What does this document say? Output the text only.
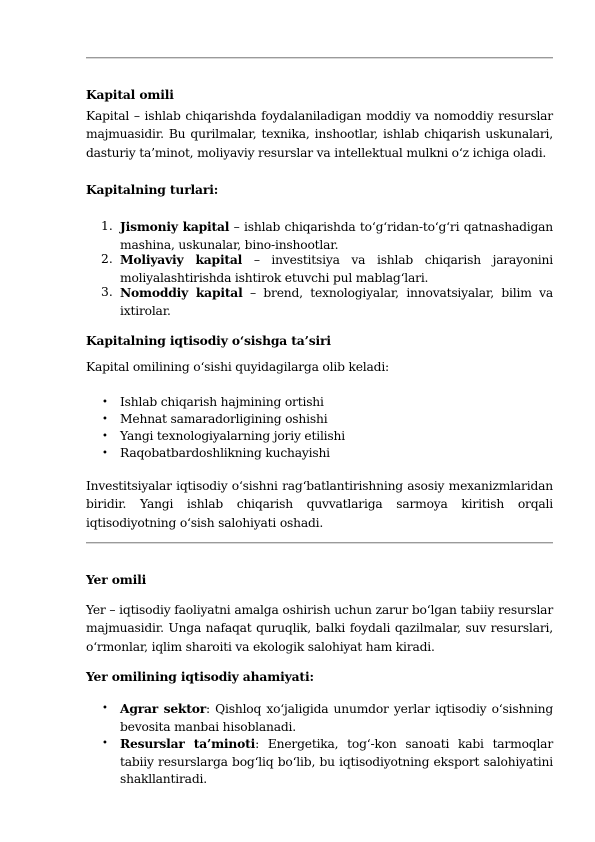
Kapital omili
Kapital – ishlab chiqarishda foydalaniladigan moddiy va nomoddiy resurslar majmuasidir. Bu qurilmalar, texnika, inshootlar, ishlab chiqarish uskunalari, dasturiy ta’minot, moliyaviy resurslar va intellektual mulkni o‘z ichiga oladi.
Kapitalning turlari:
1. Jismoniy kapital – ishlab chiqarishda to‘g‘ridan-to‘g‘ri qatnashadigan mashina, uskunalar, bino-inshootlar.
2. Moliyaviy kapital – investitsiya va ishlab chiqarish jarayonini moliyalashtirishda ishtirok etuvchi pul mablag‘lari.
3. Nomoddiy kapital – brend, texnologiyalar, innovatsiyalar, bilim va ixtirolar.
Kapitalning iqtisodiy o‘sishga ta’siri
Kapital omilining o‘sishi quyidagilarga olib keladi:
• Ishlab chiqarish hajmining ortishi
• Mehnat samaradorligining oshishi
• Yangi texnologiyalarning joriy etilishi
• Raqobatbardoshlikning kuchayishi
Investitsiyalar iqtisodiy o‘sishni rag‘batlantirishning asosiy mexanizmlaridan biridir. Yangi ishlab chiqarish quvvatlariga sarmoya kiritish orqali iqtisodiyotning o‘sish salohiyati oshadi.
Yer omili
Yer – iqtisodiy faoliyatni amalga oshirish uchun zarur bo‘lgan tabiiy resurslar majmuasidir. Unga nafaqat quruqlik, balki foydali qazilmalar, suv resurslari, o‘rmonlar, iqlim sharoiti va ekologik salohiyat ham kiradi.
Yer omilining iqtisodiy ahamiyati:
• Agrar sektor: Qishloq xo‘jaligida unumdor yerlar iqtisodiy o‘sishning bevosita manbai hisoblanadi.
• Resurslar ta’minoti: Energetika, tog‘-kon sanoati kabi tarmoqlar tabiiy resurslarga bog‘liq bo‘lib, bu iqtisodiyotning eksport salohiyatini shakllantiradi.
